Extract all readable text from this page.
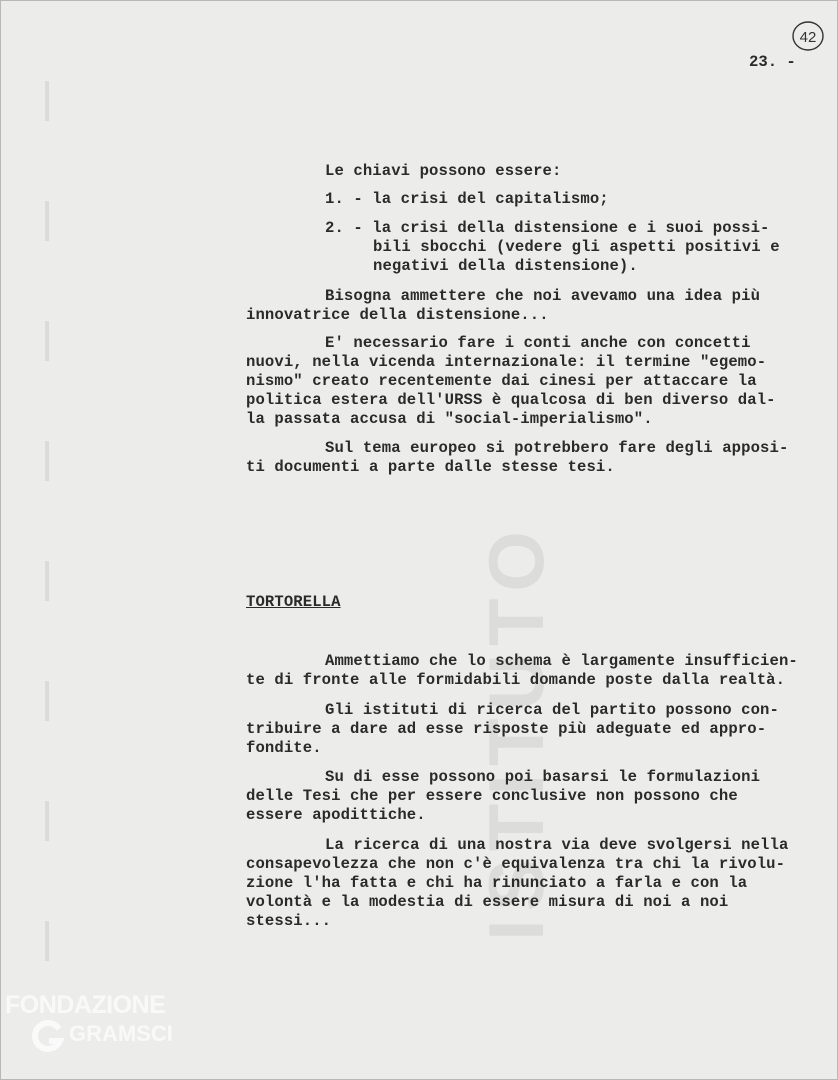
ISTITUTO
42
23. -
Le chiavi possono essere:
1. - la crisi del capitalismo;
2. - la crisi della distensione e i suoi possi-
bili sbocchi (vedere gli aspetti positivi e
negativi della distensione).
Bisogna ammettere che noi avevamo una idea più
innovatrice della distensione...
E' necessario fare i conti anche con concetti
nuovi, nella vicenda internazionale: il termine "egemo-
nismo" creato recentemente dai cinesi per attaccare la
politica estera dell'URSS è qualcosa di ben diverso dal-
la passata accusa di "social-imperialismo".
Sul tema europeo si potrebbero fare degli apposi-
ti documenti a parte dalle stesse tesi.
TORTORELLA
Ammettiamo che lo schema è largamente insufficien-
te di fronte alle formidabili domande poste dalla realtà.
Gli istituti di ricerca del partito possono con-
tribuire a dare ad esse risposte più adeguate ed appro-
fondite.
Su di esse possono poi basarsi le formulazioni
delle Tesi che per essere conclusive non possono che
essere apodittiche.
La ricerca di una nostra via deve svolgersi nella
consapevolezza che non c'è equivalenza tra chi la rivolu-
zione l'ha fatta e chi ha rinunciato a farla e con la
volontà e la modestia di essere misura di noi a noi
stessi...
FONDAZIONE
GRAMSCI
